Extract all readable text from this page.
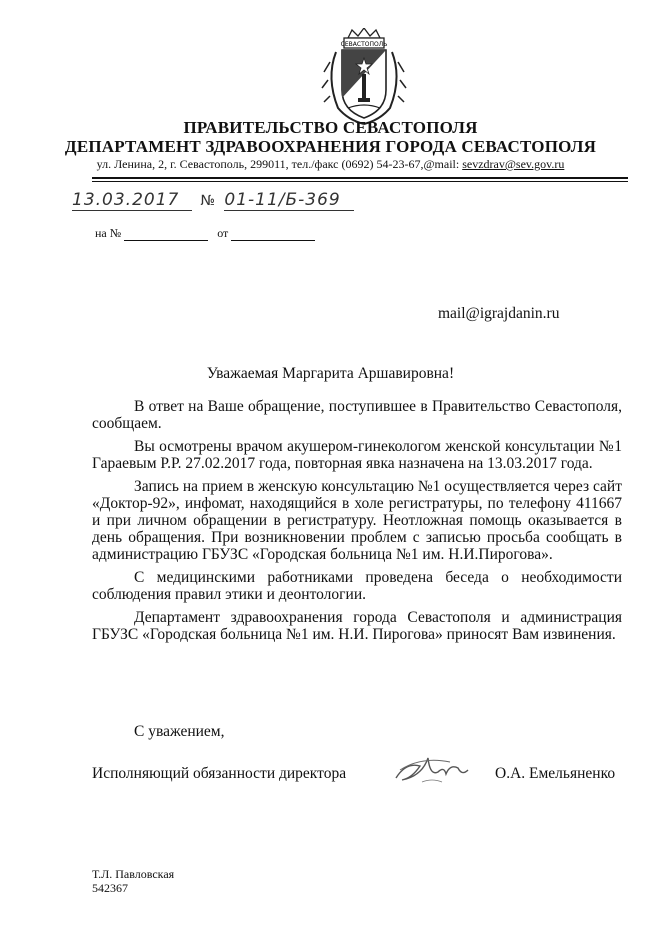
СЕВАСТОПОЛЬ
ПРАВИТЕЛЬСТВО СЕВАСТОПОЛЯ
ДЕПАРТАМЕНТ ЗДРАВООХРАНЕНИЯ ГОРОДА СЕВАСТОПОЛЯ
ул. Ленина, 2, г. Севастополь, 299011, тел./факс (0692) 54-23-67,@mail: sevzdrav@sev.gov.ru
13.03.2017 № 01-11/Б-369
на №	от
mail@igrajdanin.ru
Уважаемая Маргарита Аршавировна!

В ответ на Ваше обращение, поступившее в Правительство Севастополя, сообщаем.

Вы осмотрены врачом акушером-гинекологом женской консультации №1 Гараевым Р.Р. 27.02.2017 года, повторная явка назначена на 13.03.2017 года.

Запись на прием в женскую консультацию №1 осуществляется через сайт «Доктор-92», инфомат, находящийся в холе регистратуры, по телефону 411667 и при личном обращении в регистратуру. Неотложная помощь оказывается в день обращения. При возникновении проблем с записью просьба сообщать в администрацию ГБУЗС «Городская больница №1 им. Н.И.Пирогова».

С медицинскими работниками проведена беседа о необходимости соблюдения правил этики и деонтологии.

Департамент здравоохранения города Севастополя и администрация ГБУЗС «Городская больница №1 им. Н.И. Пирогова» приносят Вам извинения.

С уважением,
Исполняющий обязанности директора	О.А. Емельяненко
Т.Л. Павловская
542367
